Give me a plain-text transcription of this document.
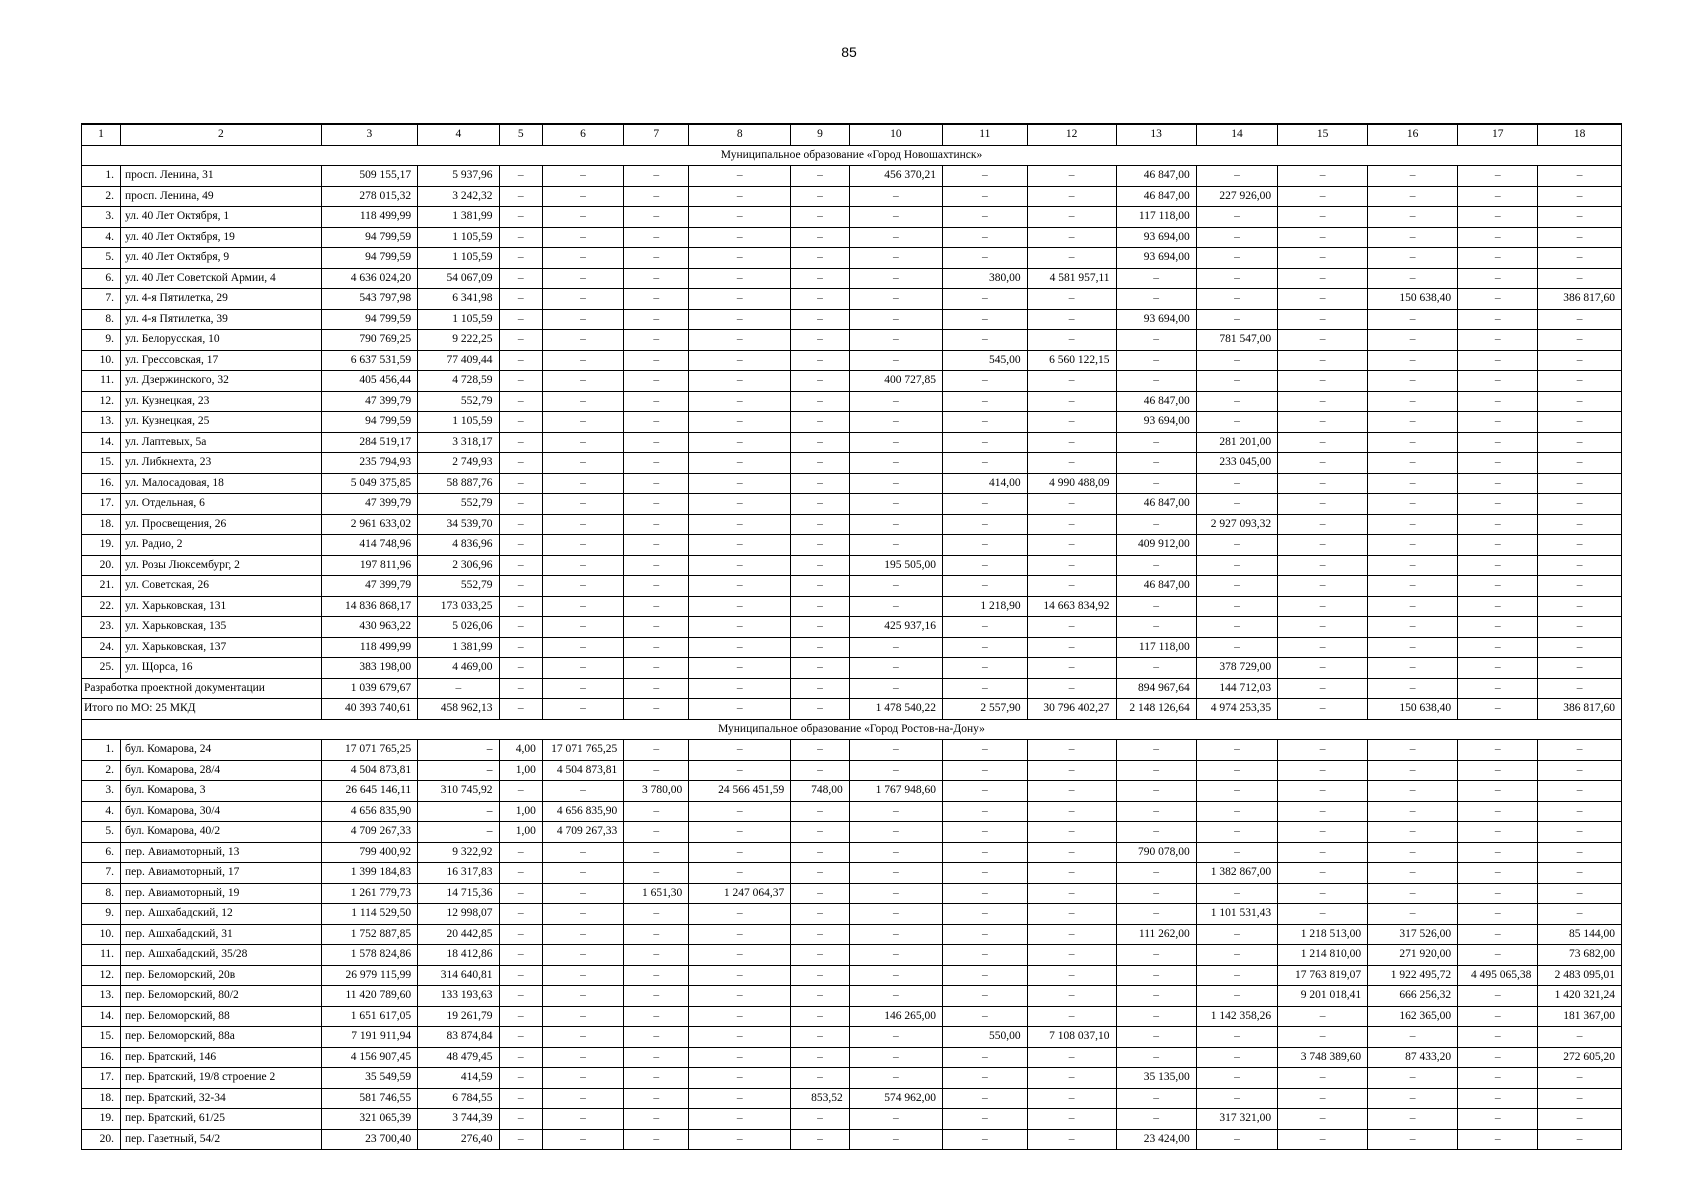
85
1	2	3	4	5	6	7	8	9	10	11	12	13	14	15	16	17	18
Муниципальное образование «Город Новошахтинск»																	
1.	просп. Ленина, 31	509 155,17	5 937,96	–	–	–	–	–	456 370,21	–	–	46 847,00	–	–	–	–	–
2.	просп. Ленина, 49	278 015,32	3 242,32	–	–	–	–	–	–	–	–	46 847,00	227 926,00	–	–	–	–
3.	ул. 40 Лет Октября, 1	118 499,99	1 381,99	–	–	–	–	–	–	–	–	117 118,00	–	–	–	–	–
4.	ул. 40 Лет Октября, 19	94 799,59	1 105,59	–	–	–	–	–	–	–	–	93 694,00	–	–	–	–	–
5.	ул. 40 Лет Октября, 9	94 799,59	1 105,59	–	–	–	–	–	–	–	–	93 694,00	–	–	–	–	–
6.	ул. 40 Лет Советской Армии, 4	4 636 024,20	54 067,09	–	–	–	–	–	–	380,00	4 581 957,11	–	–	–	–	–	–
7.	ул. 4-я Пятилетка, 29	543 797,98	6 341,98	–	–	–	–	–	–	–	–	–	–	–	150 638,40	–	386 817,60
8.	ул. 4-я Пятилетка, 39	94 799,59	1 105,59	–	–	–	–	–	–	–	–	93 694,00	–	–	–	–	–
9.	ул. Белорусская, 10	790 769,25	9 222,25	–	–	–	–	–	–	–	–	–	781 547,00	–	–	–	–
10.	ул. Грессовская, 17	6 637 531,59	77 409,44	–	–	–	–	–	–	545,00	6 560 122,15	–	–	–	–	–	–
11.	ул. Дзержинского, 32	405 456,44	4 728,59	–	–	–	–	–	400 727,85	–	–	–	–	–	–	–	–
12.	ул. Кузнецкая, 23	47 399,79	552,79	–	–	–	–	–	–	–	–	46 847,00	–	–	–	–	–
13.	ул. Кузнецкая, 25	94 799,59	1 105,59	–	–	–	–	–	–	–	–	93 694,00	–	–	–	–	–
14.	ул. Лаптевых, 5а	284 519,17	3 318,17	–	–	–	–	–	–	–	–	–	281 201,00	–	–	–	–
15.	ул. Либкнехта, 23	235 794,93	2 749,93	–	–	–	–	–	–	–	–	–	233 045,00	–	–	–	–
16.	ул. Малосадовая, 18	5 049 375,85	58 887,76	–	–	–	–	–	–	414,00	4 990 488,09	–	–	–	–	–	–
17.	ул. Отдельная, 6	47 399,79	552,79	–	–	–	–	–	–	–	–	46 847,00	–	–	–	–	–
18.	ул. Просвещения, 26	2 961 633,02	34 539,70	–	–	–	–	–	–	–	–	–	2 927 093,32	–	–	–	–
19.	ул. Радио, 2	414 748,96	4 836,96	–	–	–	–	–	–	–	–	409 912,00	–	–	–	–	–
20.	ул. Розы Люксембург, 2	197 811,96	2 306,96	–	–	–	–	–	195 505,00	–	–	–	–	–	–	–	–
21.	ул. Советская, 26	47 399,79	552,79	–	–	–	–	–	–	–	–	46 847,00	–	–	–	–	–
22.	ул. Харьковская, 131	14 836 868,17	173 033,25	–	–	–	–	–	–	1 218,90	14 663 834,92	–	–	–	–	–	–
23.	ул. Харьковская, 135	430 963,22	5 026,06	–	–	–	–	–	425 937,16	–	–	–	–	–	–	–	–
24.	ул. Харьковская, 137	118 499,99	1 381,99	–	–	–	–	–	–	–	–	117 118,00	–	–	–	–	–
25.	ул. Щорса, 16	383 198,00	4 469,00	–	–	–	–	–	–	–	–	–	378 729,00	–	–	–	–
Разработка проектной документации		1 039 679,67	–	–	–	–	–	–	–	–	–	894 967,64	144 712,03	–	–	–	–
Итого по МО: 25 МКД		40 393 740,61	458 962,13	–	–	–	–	–	1 478 540,22	2 557,90	30 796 402,27	2 148 126,64	4 974 253,35	–	150 638,40	–	386 817,60
Муниципальное образование «Город Ростов-на-Дону»																	
1.	бул. Комарова, 24	17 071 765,25	–	4,00	17 071 765,25	–	–	–	–	–	–	–	–	–	–	–	–
2.	бул. Комарова, 28/4	4 504 873,81	–	1,00	4 504 873,81	–	–	–	–	–	–	–	–	–	–	–	–
3.	бул. Комарова, 3	26 645 146,11	310 745,92	–	–	3 780,00	24 566 451,59	748,00	1 767 948,60	–	–	–	–	–	–	–	–
4.	бул. Комарова, 30/4	4 656 835,90	–	1,00	4 656 835,90	–	–	–	–	–	–	–	–	–	–	–	–
5.	бул. Комарова, 40/2	4 709 267,33	–	1,00	4 709 267,33	–	–	–	–	–	–	–	–	–	–	–	–
6.	пер. Авиамоторный, 13	799 400,92	9 322,92	–	–	–	–	–	–	–	–	790 078,00	–	–	–	–	–
7.	пер. Авиамоторный, 17	1 399 184,83	16 317,83	–	–	–	–	–	–	–	–	–	1 382 867,00	–	–	–	–
8.	пер. Авиамоторный, 19	1 261 779,73	14 715,36	–	–	1 651,30	1 247 064,37	–	–	–	–	–	–	–	–	–	–
9.	пер. Ашхабадский, 12	1 114 529,50	12 998,07	–	–	–	–	–	–	–	–	–	1 101 531,43	–	–	–	–
10.	пер. Ашхабадский, 31	1 752 887,85	20 442,85	–	–	–	–	–	–	–	–	111 262,00	–	1 218 513,00	317 526,00	–	85 144,00
11.	пер. Ашхабадский, 35/28	1 578 824,86	18 412,86	–	–	–	–	–	–	–	–	–	–	1 214 810,00	271 920,00	–	73 682,00
12.	пер. Беломорский, 20в	26 979 115,99	314 640,81	–	–	–	–	–	–	–	–	–	–	17 763 819,07	1 922 495,72	4 495 065,38	2 483 095,01
13.	пер. Беломорский, 80/2	11 420 789,60	133 193,63	–	–	–	–	–	–	–	–	–	–	9 201 018,41	666 256,32	–	1 420 321,24
14.	пер. Беломорский, 88	1 651 617,05	19 261,79	–	–	–	–	–	146 265,00	–	–	–	1 142 358,26	–	162 365,00	–	181 367,00
15.	пер. Беломорский, 88а	7 191 911,94	83 874,84	–	–	–	–	–	–	550,00	7 108 037,10	–	–	–	–	–	–
16.	пер. Братский, 146	4 156 907,45	48 479,45	–	–	–	–	–	–	–	–	–	–	3 748 389,60	87 433,20	–	272 605,20
17.	пер. Братский, 19/8 строение 2	35 549,59	414,59	–	–	–	–	–	–	–	–	35 135,00	–	–	–	–	–
18.	пер. Братский, 32-34	581 746,55	6 784,55	–	–	–	–	853,52	574 962,00	–	–	–	–	–	–	–	–
19.	пер. Братский, 61/25	321 065,39	3 744,39	–	–	–	–	–	–	–	–	–	317 321,00	–	–	–	–
20.	пер. Газетный, 54/2	23 700,40	276,40	–	–	–	–	–	–	–	–	23 424,00	–	–	–	–	–
